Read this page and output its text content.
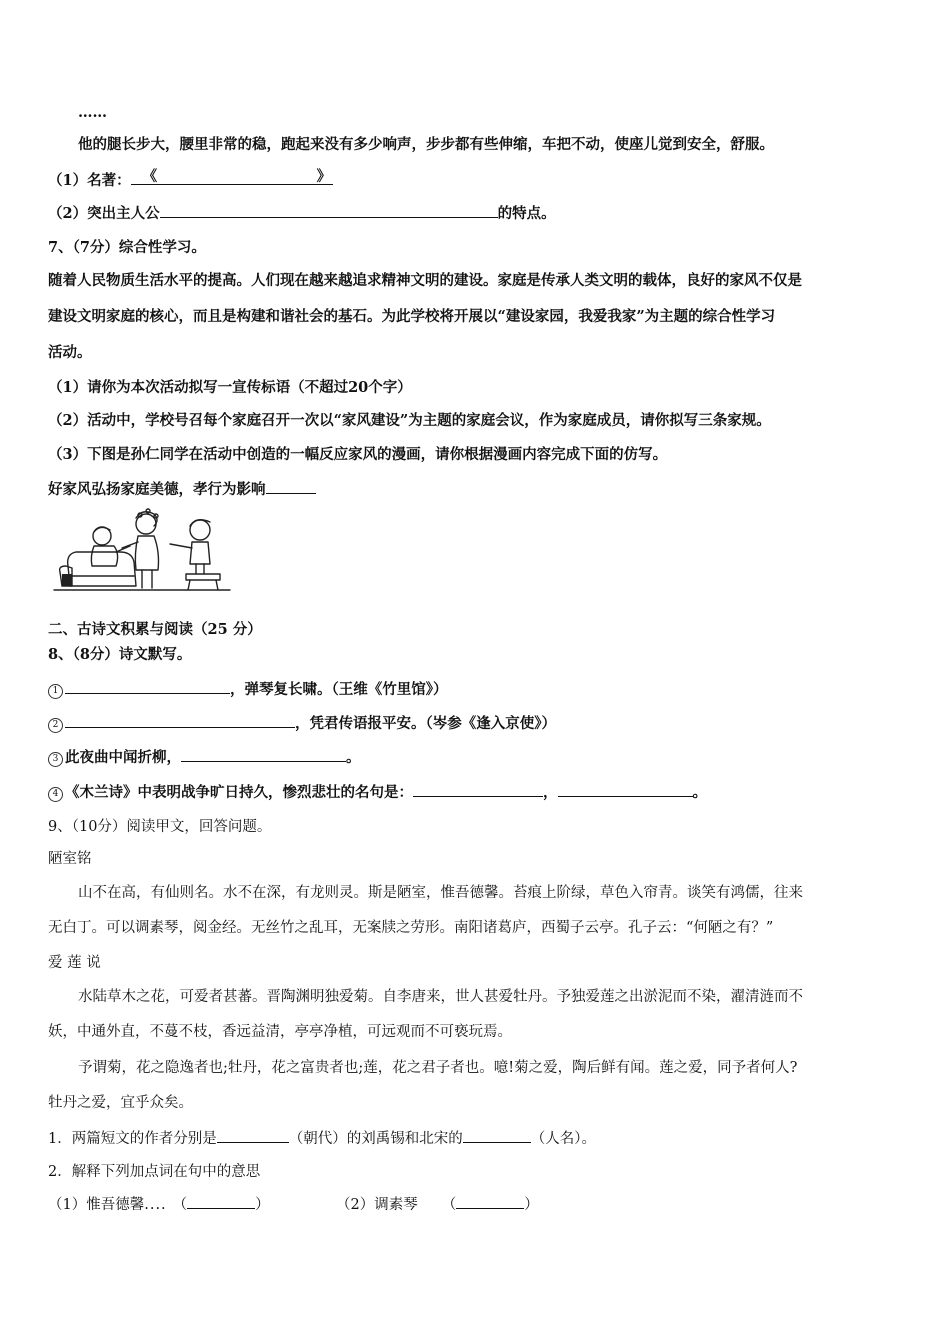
……
他的腿长步大，腰里非常的稳，跑起来没有多少响声，步步都有些伸缩，车把不动，使座儿觉到安全，舒服。
（1）名著： 《	》
（2）突出主人公	的特点。
7、（7分）综合性学习。
随着人民物质生活水平的提高。人们现在越来越追求精神文明的建设。家庭是传承人类文明的载体，良好的家风不仅是
建设文明家庭的核心，而且是构建和谐社会的基石。为此学校将开展以“建设家园，我爱我家”为主题的综合性学习
活动。
（1）请你为本次活动拟写一宣传标语（不超过20个字）
（2）活动中，学校号召每个家庭召开一次以“家风建设”为主题的家庭会议，作为家庭成员，请你拟写三条家规。
（3）下图是孙仁同学在活动中创造的一幅反应家风的漫画，请你根据漫画内容完成下面的仿写。
好家风弘扬家庭美德，孝行为影响
二、古诗文积累与阅读（25 分）
8、（8分）诗文默写。
1	，弹琴复长啸。（王维《竹里馆》）
2	，凭君传语报平安。（岑参《逢入京使》）
3 此夜曲中闻折柳，	。
4 《木兰诗》中表明战争旷日持久，惨烈悲壮的名句是：	，	。
9、（10分）阅读甲文，回答问题。
陋室铭
山不在高，有仙则名。水不在深，有龙则灵。斯是陋室，惟吾德馨。苔痕上阶绿，草色入帘青。谈笑有鸿儒，往来
无白丁。可以调素琴，阅金经。无丝竹之乱耳，无案牍之劳形。南阳诸葛庐，西蜀子云亭。孔子云：“何陋之有？”
爱 莲 说
水陆草木之花，可爱者甚蕃。晋陶渊明独爱菊。自李唐来，世人甚爱牡丹。予独爱莲之出淤泥而不染，濯清涟而不
妖，中通外直，不蔓不枝，香远益清，亭亭净植，可远观而不可亵玩焉。
予谓菊，花之隐逸者也;牡丹，花之富贵者也;莲，花之君子者也。噫!菊之爱，陶后鲜有闻。莲之爱，同予者何人?
牡丹之爱，宜乎众矣。
1．两篇短文的作者分别是	（朝代）的刘禹锡和北宋的	（人名）。
2．解释下列加点词在句中的意思
（1）惟吾德馨.... （	）	（2）调素琴 （	）
